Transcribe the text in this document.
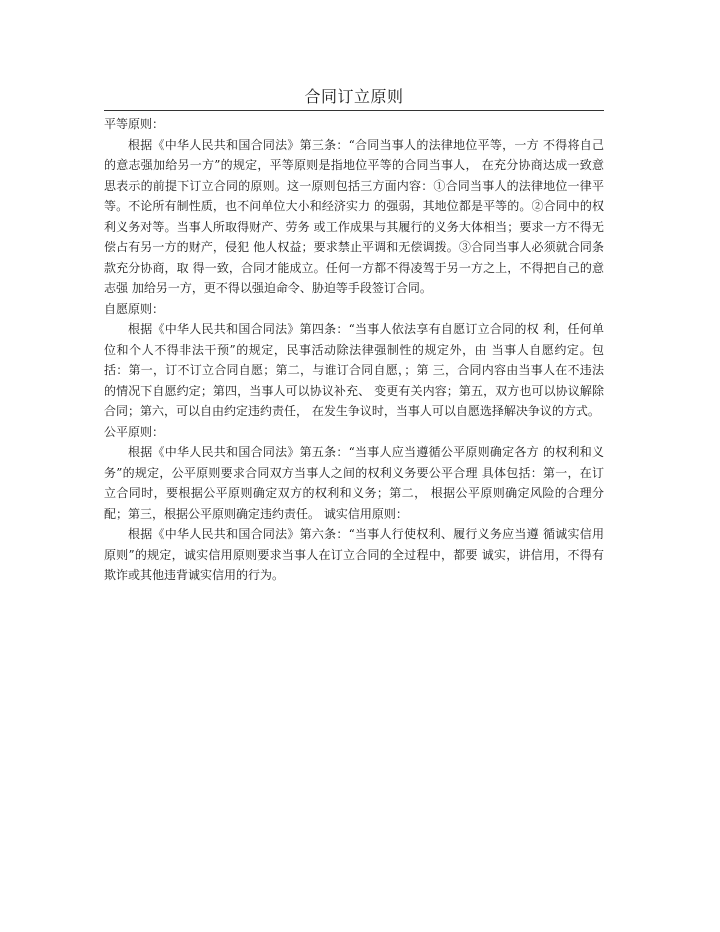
合同订立原则

平等原则：

根据《中华人民共和国合同法》第三条：“合同当事人的法律地位平等，一方 不得将自己的意志强加给另一方”的规定，平等原则是指地位平等的合同当事人， 在充分协商达成一致意思表示的前提下订立合同的原则。这一原则包括三方面内容：①合同当事人的法律地位一律平等。不论所有制性质，也不问单位大小和经济实力 的强弱，其地位都是平等的。②合同中的权利义务对等。当事人所取得财产、劳务 或工作成果与其履行的义务大体相当；要求一方不得无偿占有另一方的财产，侵犯 他人权益；要求禁止平调和无偿调拨。③合同当事人必须就合同条款充分协商，取 得一致，合同才能成立。任何一方都不得凌驾于另一方之上，不得把自己的意志强 加给另一方，更不得以强迫命令、胁迫等手段签订合同。

自愿原则：

根据《中华人民共和国合同法》第四条：“当事人依法享有自愿订立合同的权 利，任何单位和个人不得非法干预”的规定，民事活动除法律强制性的规定外，由 当事人自愿约定。包括：第一，订不订立合同自愿；第二，与谁订合同自愿，；第 三，合同内容由当事人在不违法的情况下自愿约定；第四，当事人可以协议补充、 变更有关内容；第五，双方也可以协议解除合同；第六，可以自由约定违约责任， 在发生争议时，当事人可以自愿选择解决争议的方式。

公平原则：

根据《中华人民共和国合同法》第五条：“当事人应当遵循公平原则确定各方 的权利和义务”的规定，公平原则要求合同双方当事人之间的权利义务要公平合理 具体包括：第一，在订立合同时，要根据公平原则确定双方的权利和义务；第二， 根据公平原则确定风险的合理分配；第三，根据公平原则确定违约责任。 诚实信用原则：

根据《中华人民共和国合同法》第六条：“当事人行使权利、履行义务应当遵 循诚实信用原则”的规定，诚实信用原则要求当事人在订立合同的全过程中，都要 诚实，讲信用，不得有欺诈或其他违背诚实信用的行为。
